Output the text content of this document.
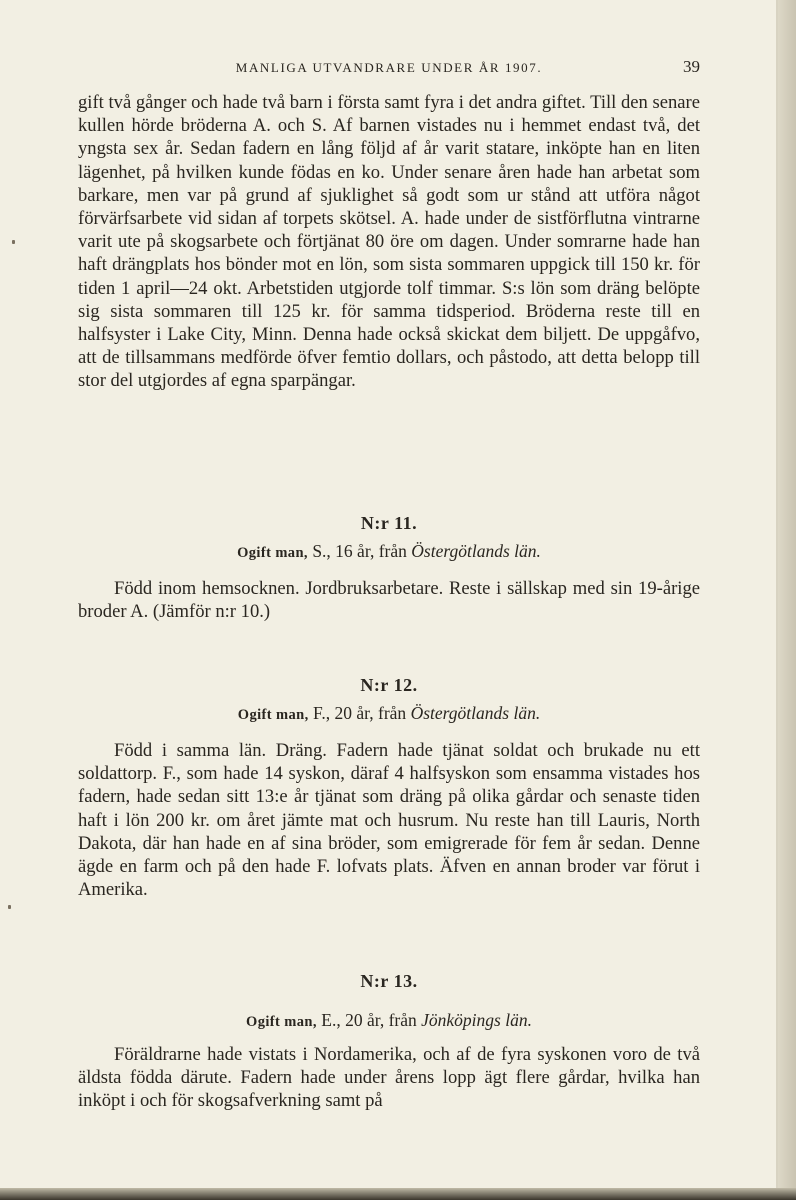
MANLIGA UTVANDRARE UNDER ÅR 1907.	39

gift två gånger och hade två barn i första samt fyra i det andra giftet. Till den senare kullen hörde bröderna A. och S. Af barnen vistades nu i hemmet endast två, det yngsta sex år. Sedan fadern en lång följd af år varit statare, inköpte han en liten lägenhet, på hvilken kunde födas en ko. Under senare åren hade han arbetat som barkare, men var på grund af sjuklighet så godt som ur stånd att utföra något förvärfsarbete vid sidan af torpets skötsel. A. hade under de sistförflutna vintrarne varit ute på skogsarbete och förtjänat 80 öre om dagen. Under somrarne hade han haft drängplats hos bönder mot en lön, som sista sommaren uppgick till 150 kr. för tiden 1 april—24 okt. Arbetstiden utgjorde tolf timmar. S:s lön som dräng belöpte sig sista sommaren till 125 kr. för samma tidsperiod. Bröderna reste till en halfsyster i Lake City, Minn. Denna hade också skickat dem biljett. De uppgåfvo, att de tillsammans medförde öfver femtio dollars, och påstodo, att detta belopp till stor del utgjordes af egna sparpängar.

N:r 11.
Ogift man, S., 16 år, från Östergötlands län.

Född inom hemsocknen. Jordbruksarbetare. Reste i sällskap med sin 19-årige broder A. (Jämför n:r 10.)

N:r 12.
Ogift man, F., 20 år, från Östergötlands län.

Född i samma län. Dräng. Fadern hade tjänat soldat och brukade nu ett soldattorp. F., som hade 14 syskon, däraf 4 halfsyskon som ensamma vistades hos fadern, hade sedan sitt 13:e år tjänat som dräng på olika gårdar och senaste tiden haft i lön 200 kr. om året jämte mat och husrum. Nu reste han till Lauris, North Dakota, där han hade en af sina bröder, som emigrerade för fem år sedan. Denne ägde en farm och på den hade F. lofvats plats. Äfven en annan broder var förut i Amerika.

N:r 13.
Ogift man, E., 20 år, från Jönköpings län.

Föräldrarne hade vistats i Nordamerika, och af de fyra syskonen voro de två äldsta födda därute. Fadern hade under årens lopp ägt flere gårdar, hvilka han inköpt i och för skogsafverkning samt på
